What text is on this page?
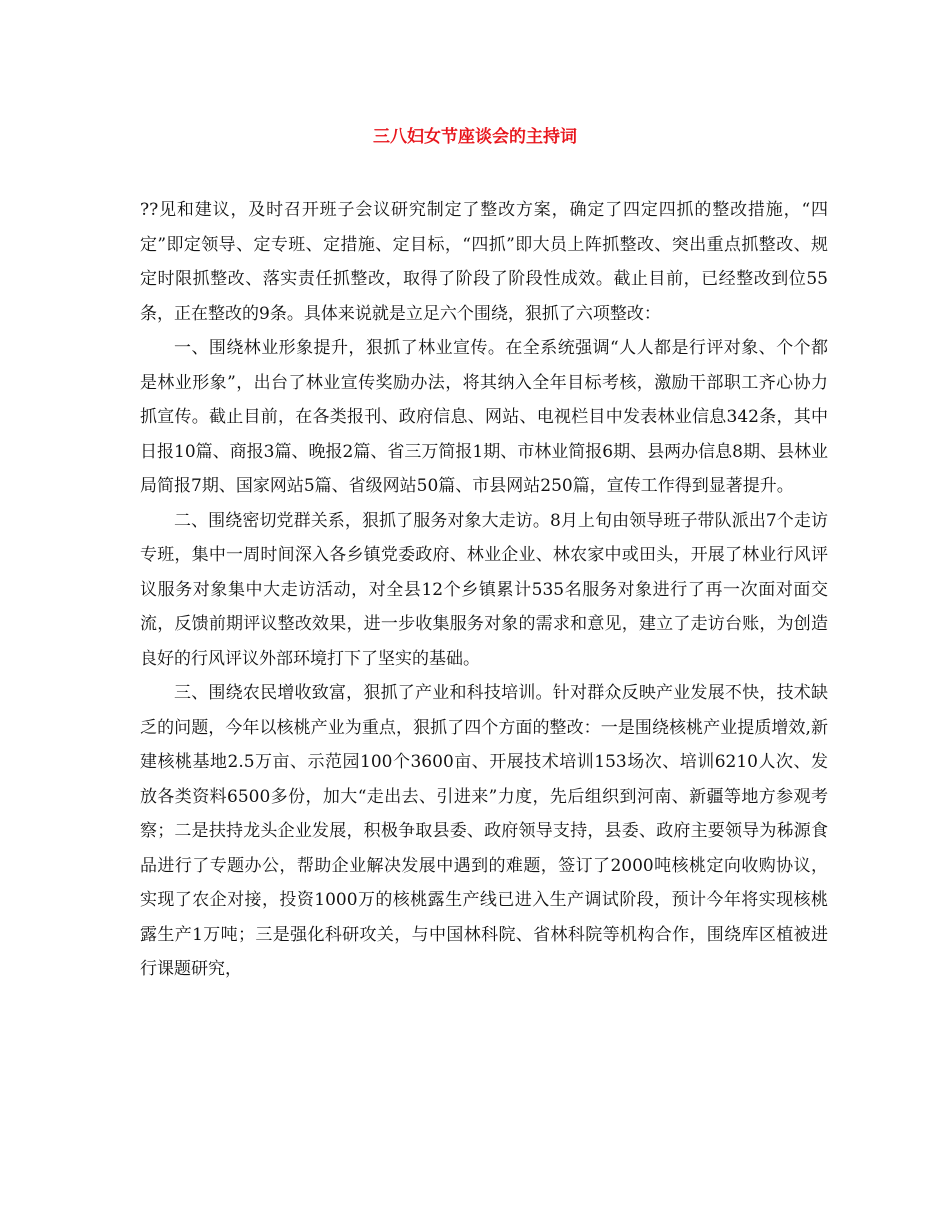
三八妇女节座谈会的主持词

??见和建议，及时召开班子会议研究制定了整改方案，确定了四定四抓的整改措施，“四定”即定领导、定专班、定措施、定目标，“四抓”即大员上阵抓整改、突出重点抓整改、规定时限抓整改、落实责任抓整改，取得了阶段了阶段性成效。截止目前，已经整改到位55条，正在整改的9条。具体来说就是立足六个围绕，狠抓了六项整改：

一、围绕林业形象提升，狠抓了林业宣传。在全系统强调“人人都是行评对象、个个都是林业形象”，出台了林业宣传奖励办法，将其纳入全年目标考核，激励干部职工齐心协力抓宣传。截止目前，在各类报刊、政府信息、网站、电视栏目中发表林业信息342条，其中日报10篇、商报3篇、晚报2篇、省三万简报1期、市林业简报6期、县两办信息8期、县林业局简报7期、国家网站5篇、省级网站50篇、市县网站250篇，宣传工作得到显著提升。

二、围绕密切党群关系，狠抓了服务对象大走访。8月上旬由领导班子带队派出7个走访专班，集中一周时间深入各乡镇党委政府、林业企业、林农家中或田头，开展了林业行风评议服务对象集中大走访活动，对全县12个乡镇累计535名服务对象进行了再一次面对面交流，反馈前期评议整改效果，进一步收集服务对象的需求和意见，建立了走访台账，为创造良好的行风评议外部环境打下了坚实的基础。

三、围绕农民增收致富，狠抓了产业和科技培训。针对群众反映产业发展不快，技术缺乏的问题，今年以核桃产业为重点，狠抓了四个方面的整改：一是围绕核桃产业提质增效,新建核桃基地2.5万亩、示范园100个3600亩、开展技术培训153场次、培训6210人次、发放各类资料6500多份，加大“走出去、引进来”力度，先后组织到河南、新疆等地方参观考察；二是扶持龙头企业发展，积极争取县委、政府领导支持，县委、政府主要领导为秭源食品进行了专题办公，帮助企业解决发展中遇到的难题，签订了2000吨核桃定向收购协议，实现了农企对接，投资1000万的核桃露生产线已进入生产调试阶段，预计今年将实现核桃露生产1万吨；三是强化科研攻关，与中国林科院、省林科院等机构合作，围绕库区植被进行课题研究，
